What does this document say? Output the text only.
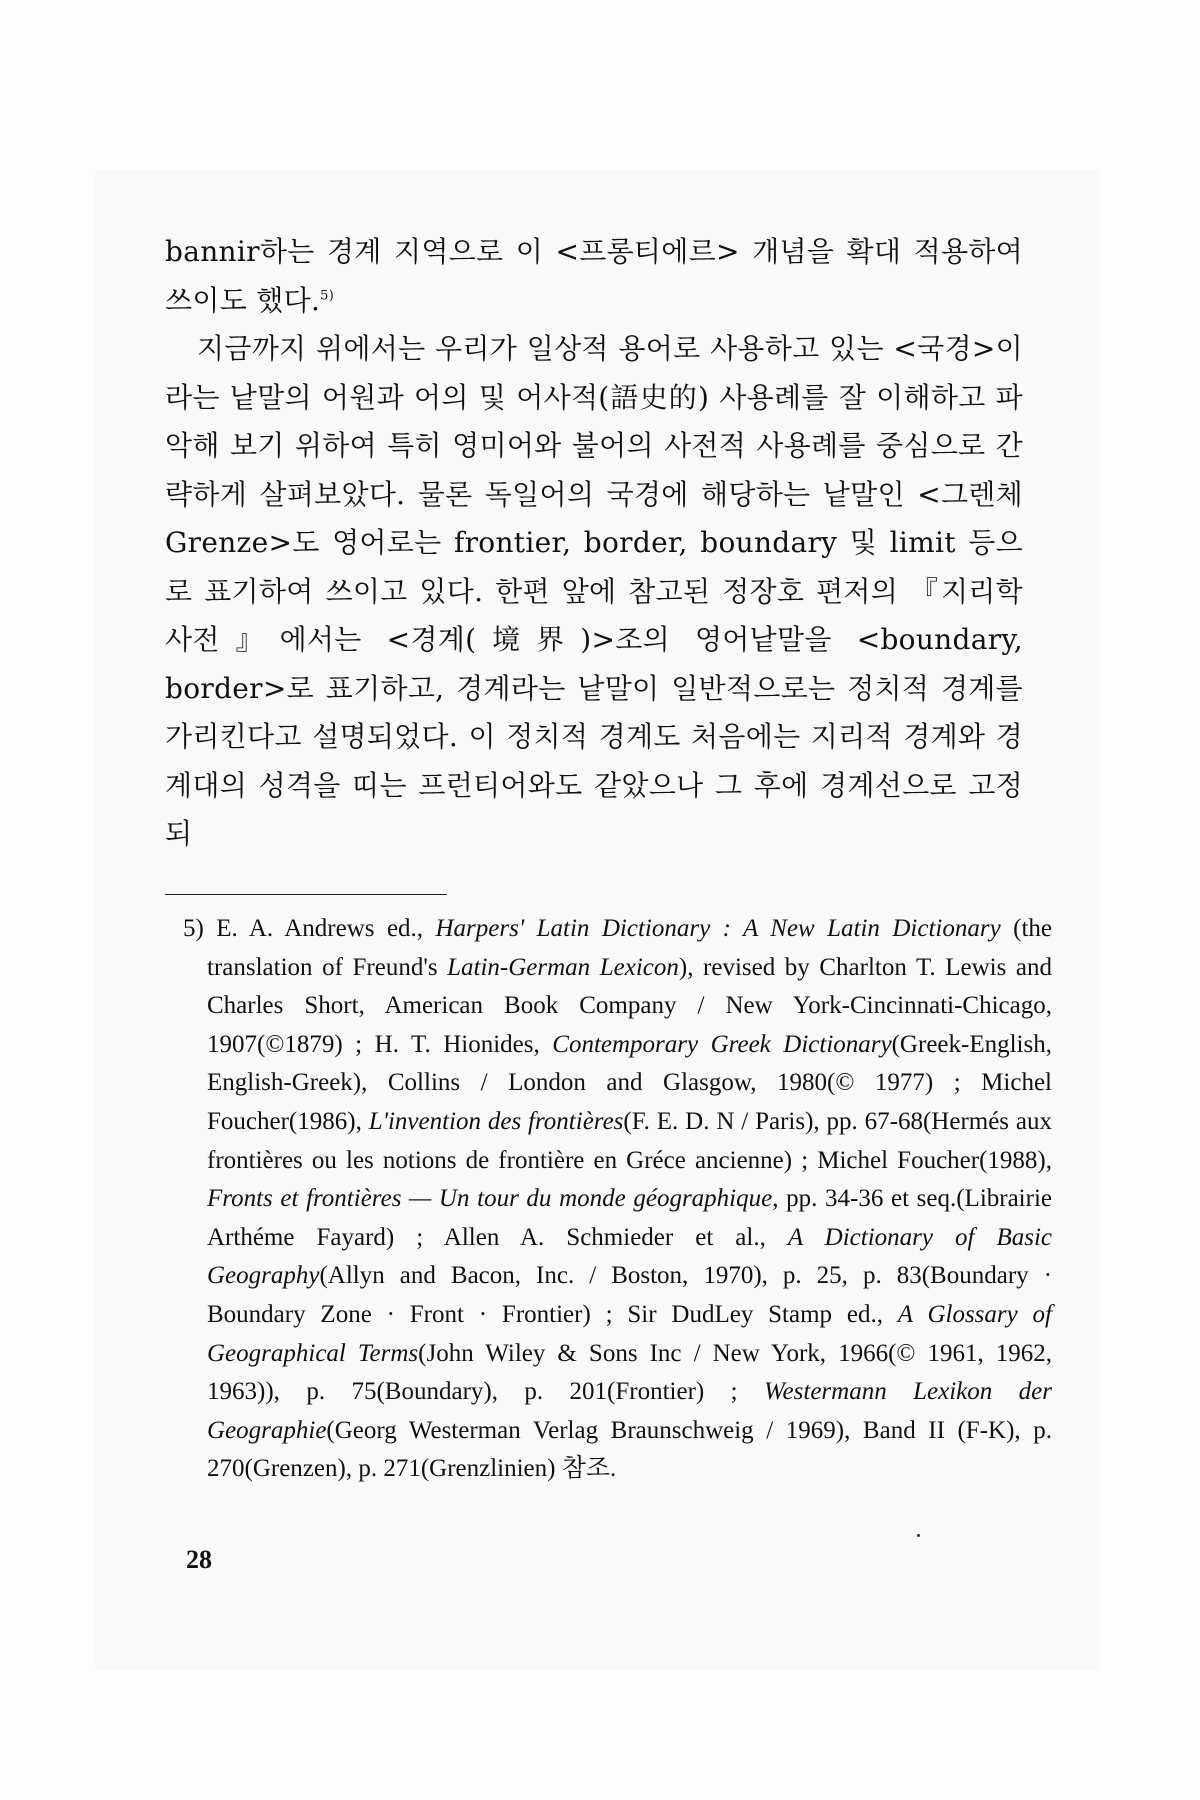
bannir하는 경계 지역으로 이 <프롱티에르> 개념을 확대 적용하여 쓰이도 했다.$^{5)}$

지금까지 위에서는 우리가 일상적 용어로 사용하고 있는 <국경>이라는 낱말의 어원과 어의 및 어사적(語史的) 사용례를 잘 이해하고 파악해 보기 위하여 특히 영미어와 불어의 사전적 사용례를 중심으로 간략하게 살펴보았다. 물론 독일어의 국경에 해당하는 낱말인 <그렌체 Grenze>도 영어로는 frontier, border, boundary 및 limit 등으로 표기하여 쓰이고 있다. 한편 앞에 참고된 정장호 편저의 『지리학사전』에서는 <경계(境界)>조의 영어낱말을 <boundary, border>로 표기하고, 경계라는 낱말이 일반적으로는 정치적 경계를 가리킨다고 설명되었다. 이 정치적 경계도 처음에는 지리적 경계와 경계대의 성격을 띠는 프런티어와도 같았으나 그 후에 경계선으로 고정되

5) E. A. Andrews ed., Harpers' Latin Dictionary : A New Latin Dictionary (the translation of Freund's Latin-German Lexicon), revised by Charlton T. Lewis and Charles Short, American Book Company / New York-Cincinnati-Chicago, 1907(©1879) ; H. T. Hionides, Contemporary Greek Dictionary(Greek-English, English-Greek), Collins / London and Glasgow, 1980(© 1977) ; Michel Foucher(1986), L'invention des frontières(F. E. D. N / Paris), pp. 67-68(Hermés aux frontières ou les notions de frontière en Gréce ancienne) ; Michel Foucher(1988), Fronts et frontières — Un tour du monde géographique, pp. 34-36 et seq.(Librairie Arthéme Fayard) ; Allen A. Schmieder et al., A Dictionary of Basic Geography(Allyn and Bacon, Inc. / Boston, 1970), p. 25, p. 83(Boundary · Boundary Zone · Front · Frontier) ; Sir DudLey Stamp ed., A Glossary of Geographical Terms(John Wiley & Sons Inc / New York, 1966(© 1961, 1962, 1963)), p. 75(Boundary), p. 201(Frontier) ; Westermann Lexikon der Geographie(Georg Westerman Verlag Braunschweig / 1969), Band II (F-K), p. 270(Grenzen), p. 271(Grenzlinien) 참조.
28
